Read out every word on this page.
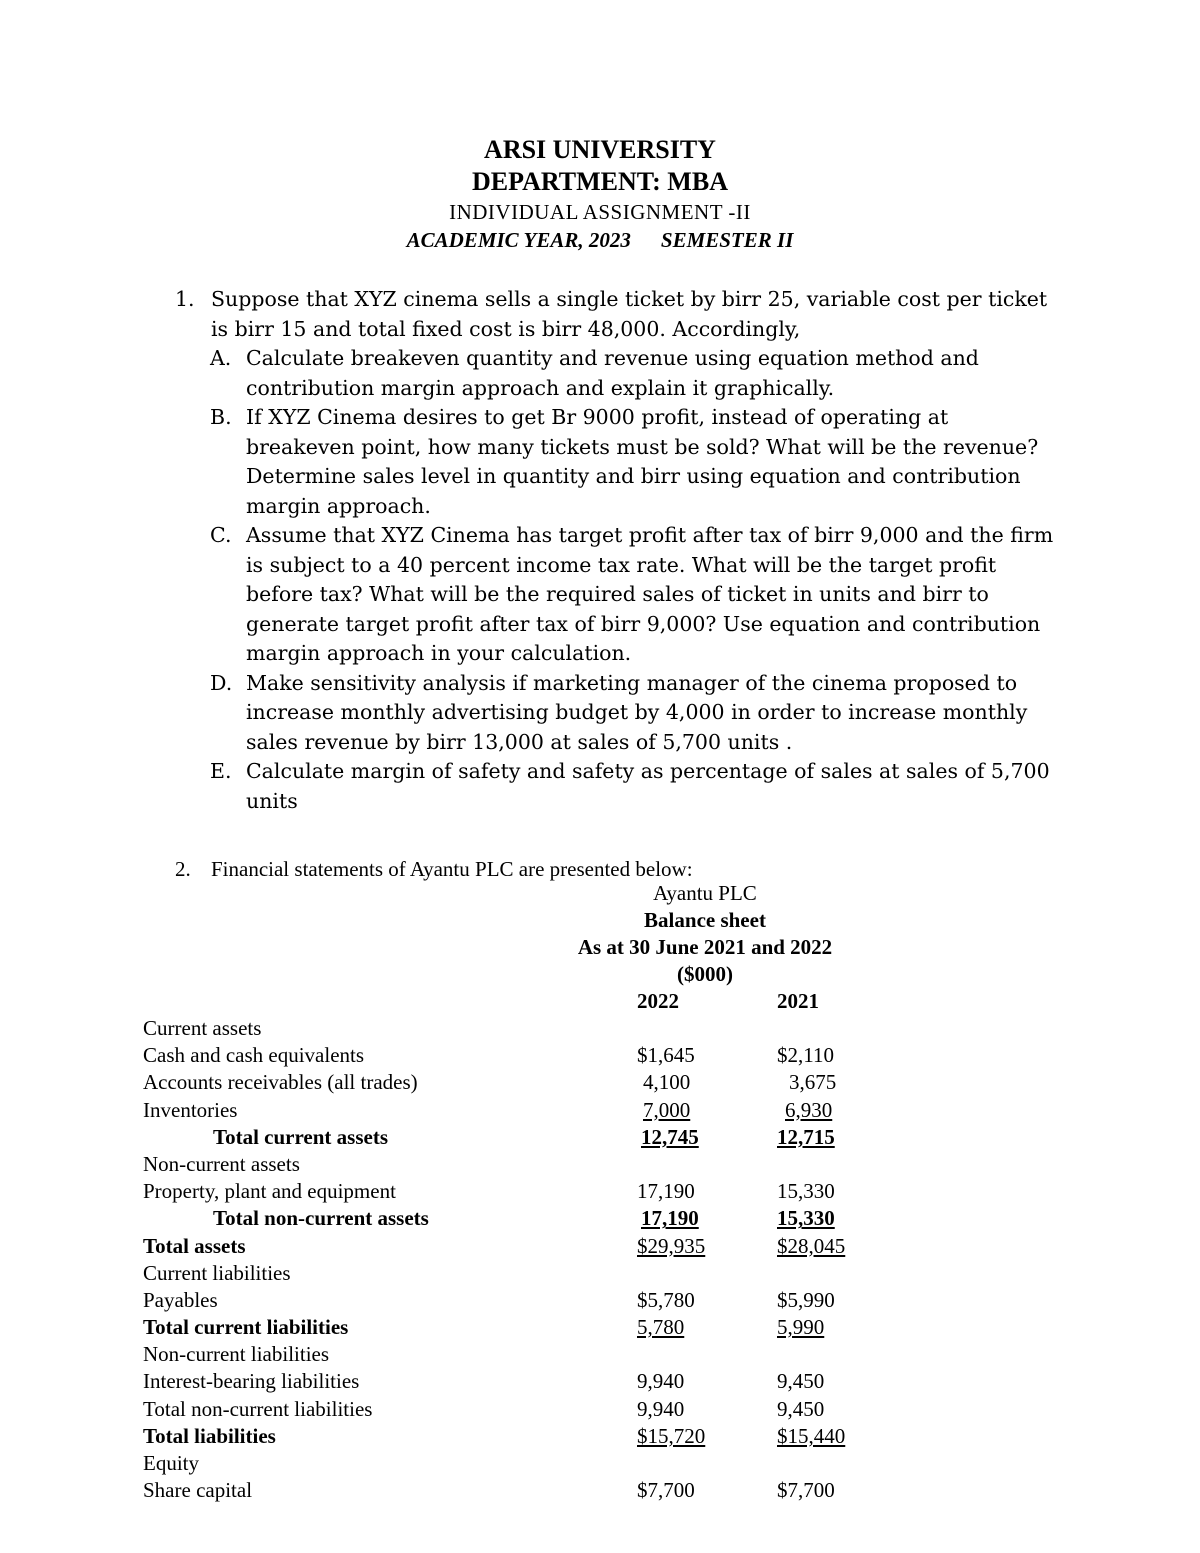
ARSI UNIVERSITY
DEPARTMENT: MBA
INDIVIDUAL ASSIGNMENT -II
ACADEMIC YEAR, 2023 SEMESTER II
1. Suppose that XYZ cinema sells a single ticket by birr 25, variable cost per ticket is birr 15 and total fixed cost is birr 48,000. Accordingly,
A. Calculate breakeven quantity and revenue using equation method and contribution margin approach and explain it graphically.
B. If XYZ Cinema desires to get Br 9000 profit, instead of operating at breakeven point, how many tickets must be sold? What will be the revenue? Determine sales level in quantity and birr using equation and contribution margin approach.
C. Assume that XYZ Cinema has target profit after tax of birr 9,000 and the firm is subject to a 40 percent income tax rate. What will be the target profit before tax? What will be the required sales of ticket in units and birr to generate target profit after tax of birr 9,000? Use equation and contribution margin approach in your calculation.
D. Make sensitivity analysis if marketing manager of the cinema proposed to increase monthly advertising budget by 4,000 in order to increase monthly sales revenue by birr 13,000 at sales of 5,700 units .
E. Calculate margin of safety and safety as percentage of sales at sales of 5,700 units
2. Financial statements of Ayantu PLC are presented below:
Ayantu PLC
Balance sheet
As at 30 June 2021 and 2022
($000)
2022	2021
Current assets
Cash and cash equivalents	$1,645	$2,110
Accounts receivables (all trades)	4,100	3,675
Inventories	7,000	6,930
Total current assets	12,745	12,715
Non-current assets
Property, plant and equipment	17,190	15,330
Total non-current assets	17,190	15,330
Total assets	$29,935	$28,045
Current liabilities
Payables	$5,780	$5,990
Total current liabilities	5,780	5,990
Non-current liabilities
Interest-bearing liabilities	9,940	9,450
Total non-current liabilities	9,940	9,450
Total liabilities	$15,720	$15,440
Equity
Share capital	$7,700	$7,700
